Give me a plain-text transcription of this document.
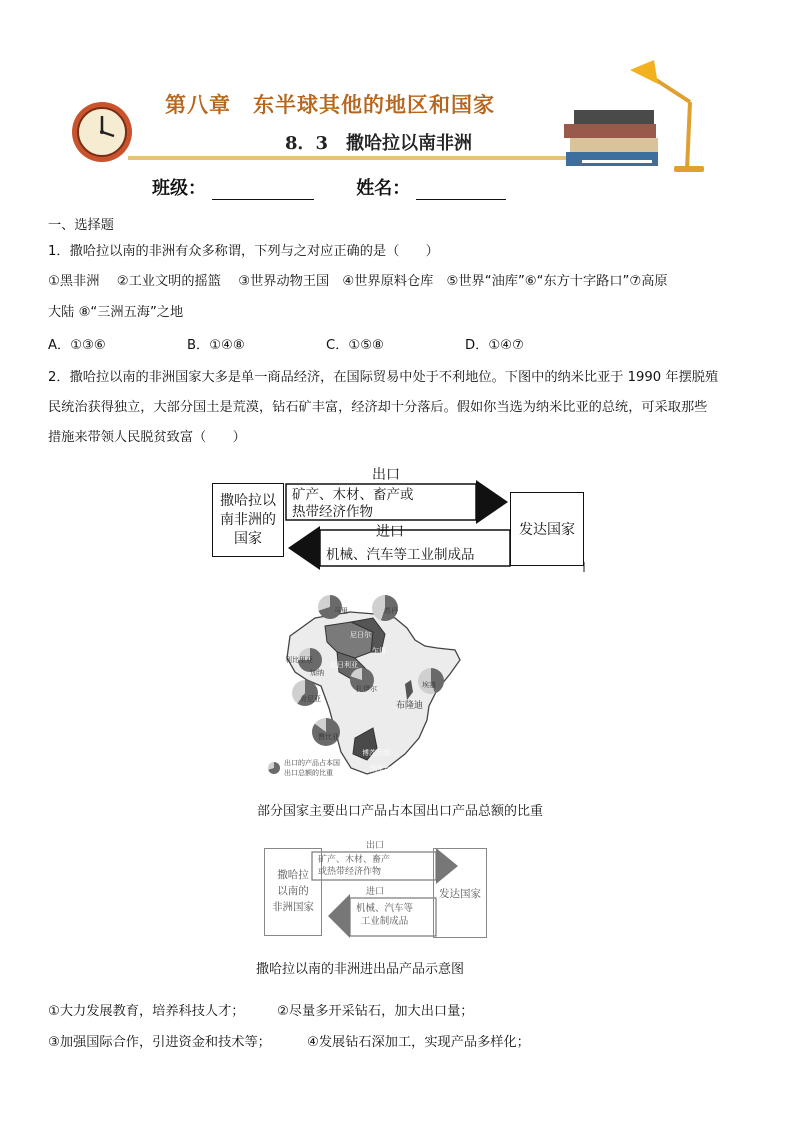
第八章　东半球其他的地区和国家
8．3　撒哈拉以南非洲
班级：	姓名：
一、选择题
1．撒哈拉以南的非洲有众多称谓，下列与之对应正确的是（　　）
①黑非洲　 ②工业文明的摇篮　 ③世界动物王国　④世界原料仓库　⑤世界“油库”⑥“东方十字路口”⑦高原
大陆 ⑧“三洲五海”之地
A．①③⑥	B．①④⑧	C．①⑤⑧	D．①④⑦
2．撒哈拉以南的非洲国家大多是单一商品经济，在国际贸易中处于不利地位。下图中的纳米比亚于 1990 年摆脱殖
民统治获得独立，大部分国土是荒漠，钻石矿丰富，经济却十分落后。假如你当选为纳米比亚的总统，可采取那些
措施来带领人民脱贫致富（　　）
撒哈拉以
南非洲的
国家
发达国家
出口
矿产、木材、畜产或
热带经济作物
进口
机械、汽车等工业制成品
马里
尼日尔
乍得
利比里亚
加纳
尼日利亚
苏丹
埃塞
扎伊尔
肯尼亚
赞比亚
博茨瓦纳
布隆迪
纳米比亚
出口的产品占本国
出口总额的比重
部分国家主要出口产品占本国出口产品总额的比重
撒哈拉
以南的
非洲国家
发达国家
出口
矿产、木材、畜产
或热带经济作物
进口
机械、汽车等
工业制成品
撒哈拉以南的非洲进出品产品示意图
①大力发展教育，培养科技人才； ②尽量多开采钻石，加大出口量；
③加强国际合作，引进资金和技术等；	④发展钻石深加工，实现产品多样化；
